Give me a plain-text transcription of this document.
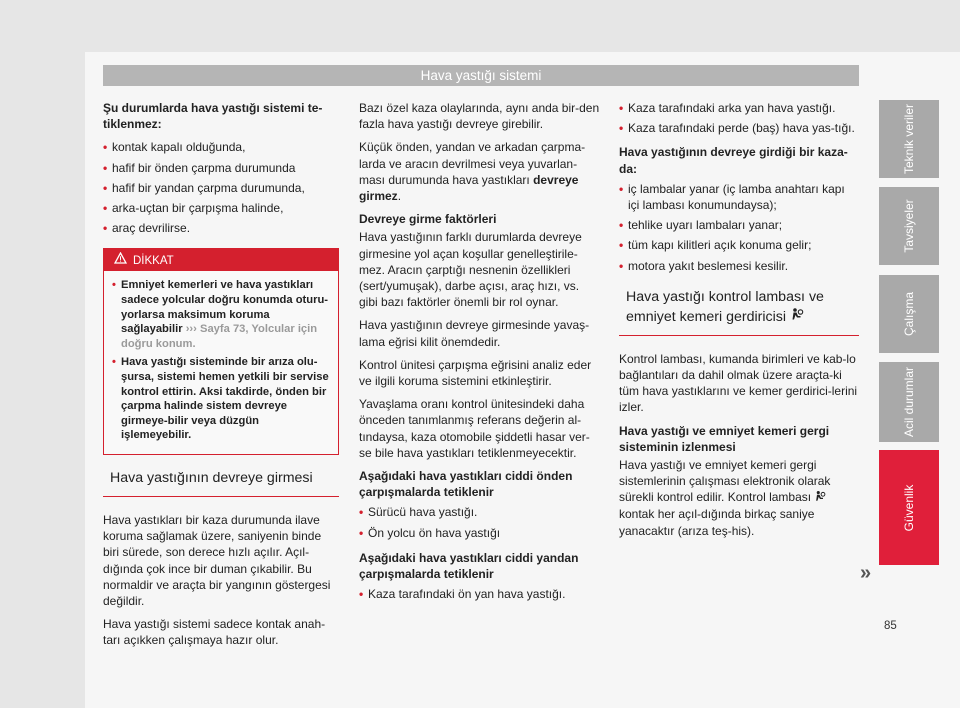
Hava yastığı sistemi

Şu durumlarda hava yastığı sistemi te-tiklenmez:

• kontak kapalı olduğunda,
• hafif bir önden çarpma durumunda
• hafif bir yandan çarpma durumunda,
• arka-uçtan bir çarpışma halinde,
• araç devrilirse.
DİKKAT
• Emniyet kemerleri ve hava yastıkları sadece yolcular doğru konumda oturu-yorlarsa maksimum koruma sağlayabilir ››› Sayfa 73, Yolcular için doğru konum.
• Hava yastığı sisteminde bir arıza olu-şursa, sistemi hemen yetkili bir servise kontrol ettirin. Aksi takdirde, önden bir çarpma halinde sistem devreye girmeye-bilir veya düzgün işlemeyebilir.
Hava yastığının devreye girmesi

Hava yastıkları bir kaza durumunda ilave koruma sağlamak üzere, saniyenin binde biri sürede, son derece hızlı açılır. Açıl-dığında çok ince bir duman çıkabilir. Bu normaldir ve araçta bir yangının göstergesi değildir.

Hava yastığı sistemi sadece kontak anah-tarı açıkken çalışmaya hazır olur.

Bazı özel kaza olaylarında, aynı anda bir-den fazla hava yastığı devreye girebilir.

Küçük önden, yandan ve arkadan çarpma-larda ve aracın devrilmesi veya yuvarlan-ması durumunda hava yastıkları devreye girmez.

Devreye girme faktörleri

Hava yastığının farklı durumlarda devreye girmesine yol açan koşullar genelleştirile-mez. Aracın çarptığı nesnenin özellikleri (sert/yumuşak), darbe açısı, araç hızı, vs. gibi bazı faktörler önemli bir rol oynar.

Hava yastığının devreye girmesinde yavaş-lama eğrisi kilit önemdedir.

Kontrol ünitesi çarpışma eğrisini analiz eder ve ilgili koruma sistemini etkinleştirir.

Yavaşlama oranı kontrol ünitesindeki daha önceden tanımlanmış referans değerin al-tındaysa, kaza otomobile şiddetli hasar ver-se bile hava yastıkları tetiklenmeyecektir.

Aşağıdaki hava yastıkları ciddi önden çarpışmalarda tetiklenir

• Sürücü hava yastığı.
• Ön yolcu ön hava yastığı

Aşağıdaki hava yastıkları ciddi yandan çarpışmalarda tetiklenir

• Kaza tarafındaki ön yan hava yastığı.
• Kaza tarafındaki arka yan hava yastığı.
• Kaza tarafındaki perde (baş) hava yas-tığı.

Hava yastığının devreye girdiği bir kaza-da:

• iç lambalar yanar (iç lamba anahtarı kapı içi lambası konumundaysa);
• tehlike uyarı lambaları yanar;
• tüm kapı kilitleri açık konuma gelir;
• motora yakıt beslemesi kesilir.
Hava yastığı kontrol lambası ve emniyet kemeri gerdiricisi

Kontrol lambası, kumanda birimleri ve kab-lo bağlantıları da dahil olmak üzere araçta-ki tüm hava yastıklarını ve kemer gerdirici-lerini izler.

Hava yastığı ve emniyet kemeri gergi sisteminin izlenmesi

Hava yastığı ve emniyet kemeri gergi sistemlerinin çalışması elektronik olarak sürekli kontrol edilir. Kontrol lambası  kontak her açıl-dığında birkaç saniye yanacaktır (arıza teş-his).

»
Teknik veriler
Tavsiyeler
Çalışma
Acil durumlar
Güvenlik
85
